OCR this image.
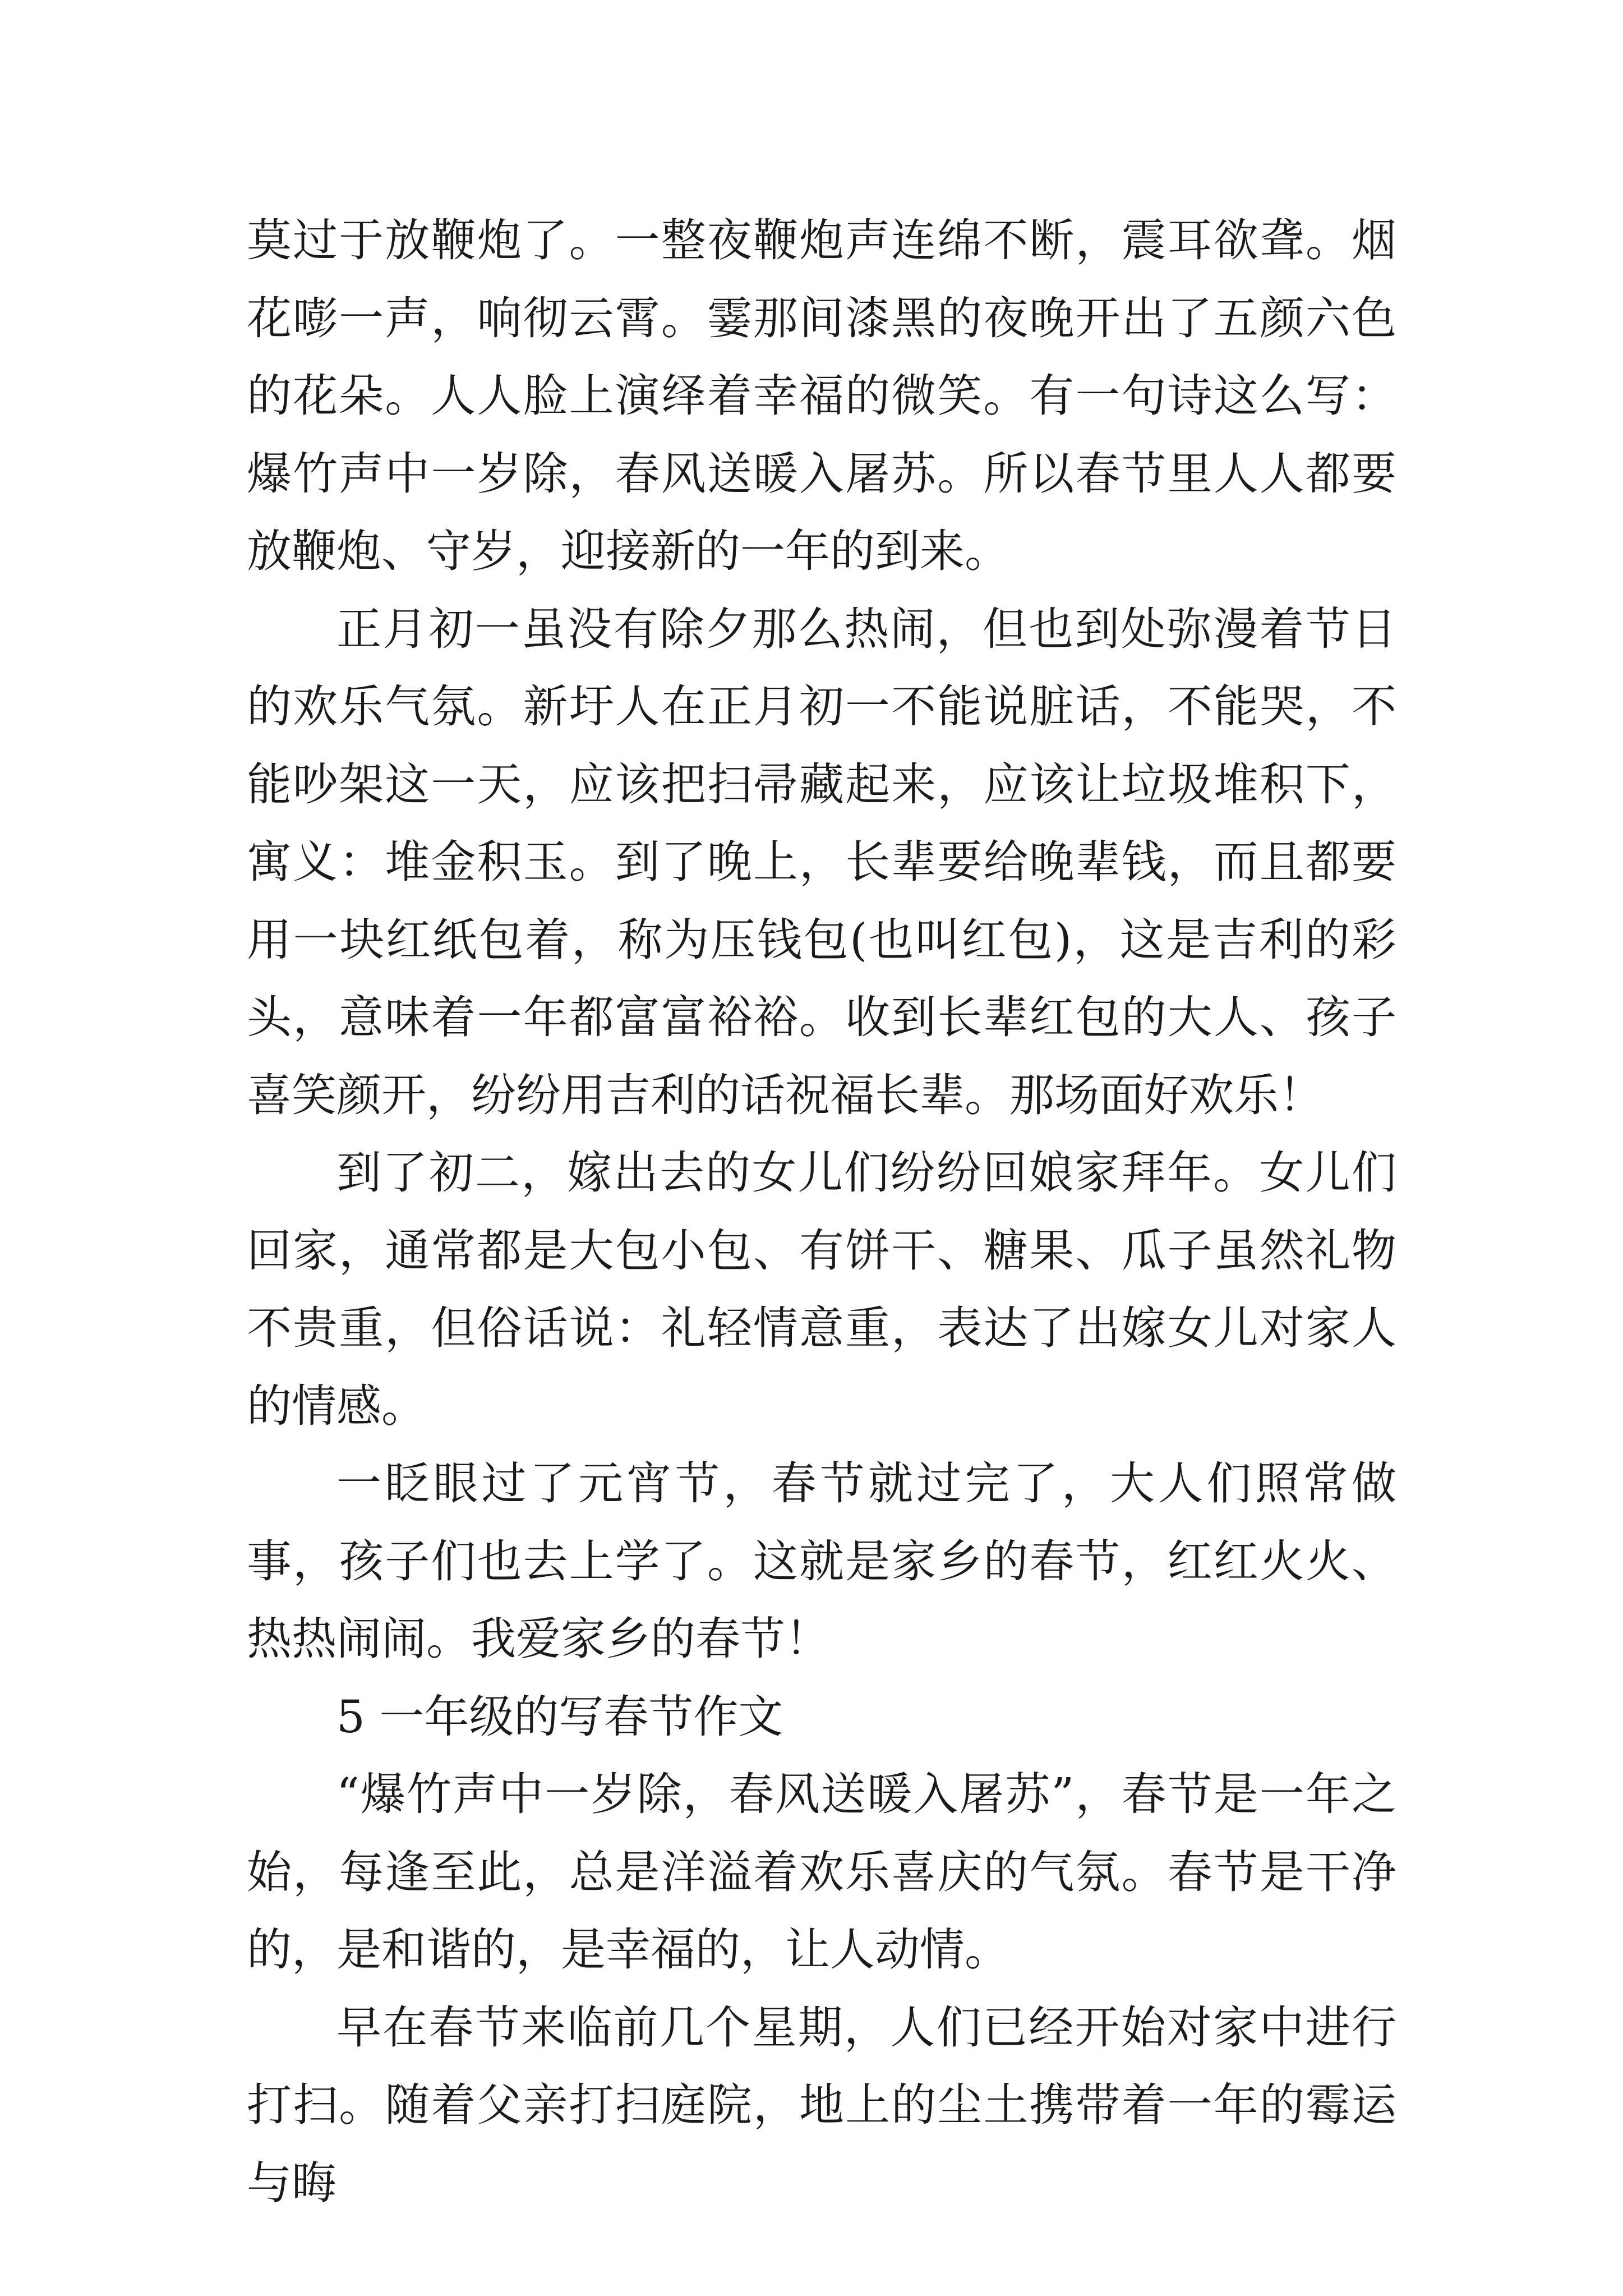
莫过于放鞭炮了。一整夜鞭炮声连绵不断，震耳欲聋。烟花嘭一声，响彻云霄。霎那间漆黑的夜晚开出了五颜六色的花朵。人人脸上演绎着幸福的微笑。有一句诗这么写：爆竹声中一岁除，春风送暖入屠苏。所以春节里人人都要放鞭炮、守岁，迎接新的一年的到来。

正月初一虽没有除夕那么热闹，但也到处弥漫着节日的欢乐气氛。新圩人在正月初一不能说脏话，不能哭，不能吵架这一天，应该把扫帚藏起来，应该让垃圾堆积下，寓义：堆金积玉。到了晚上，长辈要给晚辈钱，而且都要用一块红纸包着，称为压钱包(也叫红包)，这是吉利的彩头，意味着一年都富富裕裕。收到长辈红包的大人、孩子喜笑颜开，纷纷用吉利的话祝福长辈。那场面好欢乐！

到了初二，嫁出去的女儿们纷纷回娘家拜年。女儿们回家，通常都是大包小包、有饼干、糖果、瓜子虽然礼物不贵重，但俗话说：礼轻情意重，表达了出嫁女儿对家人的情感。

一眨眼过了元宵节，春节就过完了，大人们照常做事，孩子们也去上学了。这就是家乡的春节，红红火火、热热闹闹。我爱家乡的春节！

5 一年级的写春节作文

“爆竹声中一岁除，春风送暖入屠苏”，春节是一年之始，每逢至此，总是洋溢着欢乐喜庆的气氛。春节是干净的，是和谐的，是幸福的，让人动情。

早在春节来临前几个星期，人们已经开始对家中进行打扫。随着父亲打扫庭院，地上的尘土携带着一年的霉运与晦
